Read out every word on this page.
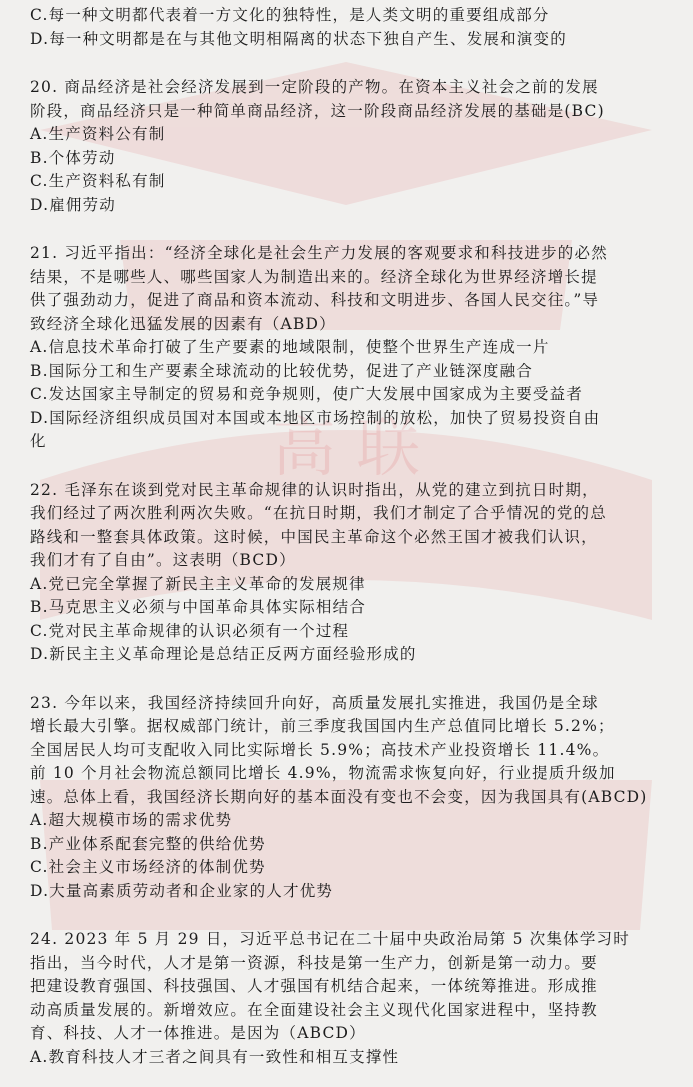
高 联
C.每一种文明都代表着一方文化的独特性，是人类文明的重要组成部分
D.每一种文明都是在与其他文明相隔离的状态下独自产生、发展和演变的
20. 商品经济是社会经济发展到一定阶段的产物。在资本主义社会之前的发展
阶段，商品经济只是一种简单商品经济，这一阶段商品经济发展的基础是(BC)
A.生产资料公有制
B.个体劳动
C.生产资料私有制
D.雇佣劳动
21. 习近平指出：“经济全球化是社会生产力发展的客观要求和科技进步的必然
结果，不是哪些人、哪些国家人为制造出来的。经济全球化为世界经济增长提
供了强劲动力，促进了商品和资本流动、科技和文明进步、各国人民交往。”导
致经济全球化迅猛发展的因素有（ABD）
A.信息技术革命打破了生产要素的地域限制，使整个世界生产连成一片
B.国际分工和生产要素全球流动的比较优势，促进了产业链深度融合
C.发达国家主导制定的贸易和竞争规则，使广大发展中国家成为主要受益者
D.国际经济组织成员国对本国或本地区市场控制的放松，加快了贸易投资自由
化
22. 毛泽东在谈到党对民主革命规律的认识时指出，从党的建立到抗日时期，
我们经过了两次胜利两次失败。“在抗日时期，我们才制定了合乎情况的党的总
路线和一整套具体政策。这时候，中国民主革命这个必然王国才被我们认识，
我们才有了自由”。这表明（BCD）
A.党已完全掌握了新民主主义革命的发展规律
B.马克思主义必须与中国革命具体实际相结合
C.党对民主革命规律的认识必须有一个过程
D.新民主主义革命理论是总结正反两方面经验形成的
23. 今年以来，我国经济持续回升向好，高质量发展扎实推进，我国仍是全球
增长最大引擎。据权威部门统计，前三季度我国国内生产总值同比增长 5.2%；
全国居民人均可支配收入同比实际增长 5.9%；高技术产业投资增长 11.4%。
前 10 个月社会物流总额同比增长 4.9%，物流需求恢复向好，行业提质升级加
速。总体上看，我国经济长期向好的基本面没有变也不会变，因为我国具有(ABCD)
A.超大规模市场的需求优势
B.产业体系配套完整的供给优势
C.社会主义市场经济的体制优势
D.大量高素质劳动者和企业家的人才优势
24. 2023 年 5 月 29 日，习近平总书记在二十届中央政治局第 5 次集体学习时
指出，当今时代，人才是第一资源，科技是第一生产力，创新是第一动力。要
把建设教育强国、科技强国、人才强国有机结合起来，一体统筹推进。形成推
动高质量发展的。新增效应。在全面建设社会主义现代化国家进程中，坚持教
育、科技、人才一体推进。是因为（ABCD）
A.教育科技人才三者之间具有一致性和相互支撑性
